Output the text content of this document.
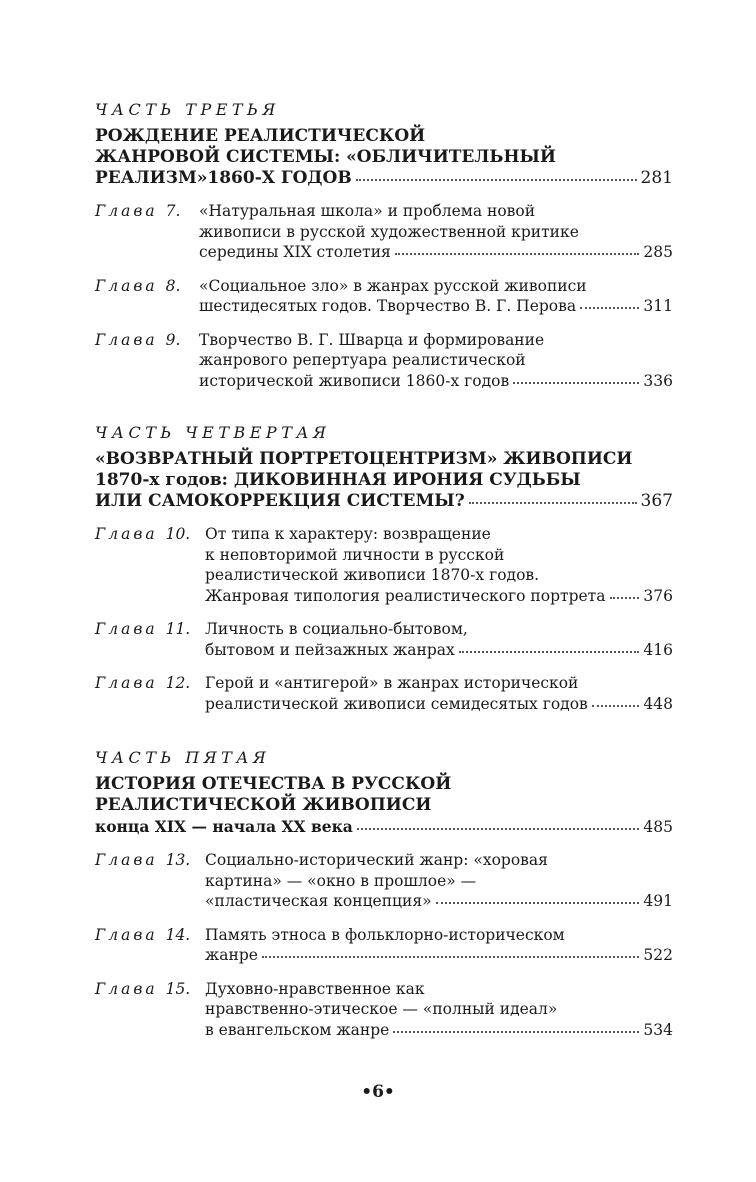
ЧАСТЬ ТРЕТЬЯ
РОЖДЕНИЕ РЕАЛИСТИЧЕСКОЙ
ЖАНРОВОЙ СИСТЕМЫ: «ОБЛИЧИТЕЛЬНЫЙ
РЕАЛИЗМ»1860-Х ГОДОВ	281
Глава 7.	«Натуральная школа» и проблема новой
живописи в русской художественной критике
середины XIX столетия	285
Глава 8.	«Социальное зло» в жанрах русской живописи
шестидесятых годов. Творчество В. Г. Перова	311
Глава 9.	Творчество В. Г. Шварца и формирование
жанрового репертуара реалистической
исторической живописи 1860-х годов	336
ЧАСТЬ ЧЕТВЕРТАЯ
«ВОЗВРАТНЫЙ ПОРТРЕТОЦЕНТРИЗМ» ЖИВОПИСИ
1870-х годов: ДИКОВИННАЯ ИРОНИЯ СУДЬБЫ
ИЛИ САМОКОРРЕКЦИЯ СИСТЕМЫ?	367
Глава 10. От типа к характеру: возвращение
к неповторимой личности в русской
реалистической живописи 1870-х годов.
Жанровая типология реалистического портрета 376
Глава 11. Личность в социально-бытовом,
бытовом и пейзажных жанрах	416
Глава 12. Герой и «антигерой» в жанрах исторической
реалистической живописи семидесятых годов	448
ЧАСТЬ ПЯТАЯ
ИСТОРИЯ ОТЕЧЕСТВА В РУССКОЙ
РЕАЛИСТИЧЕСКОЙ ЖИВОПИСИ
конца XIX — начала XX века	485
Глава 13. Социально-исторический жанр: «хоровая
картина» — «окно в прошлое» —
«пластическая концепция»	491
Глава 14. Память этноса в фольклорно-историческом
жанре	522
Глава 15. Духовно-нравственное как
нравственно-этическое — «полный идеал»
в евангельском жанре	534
•6•
